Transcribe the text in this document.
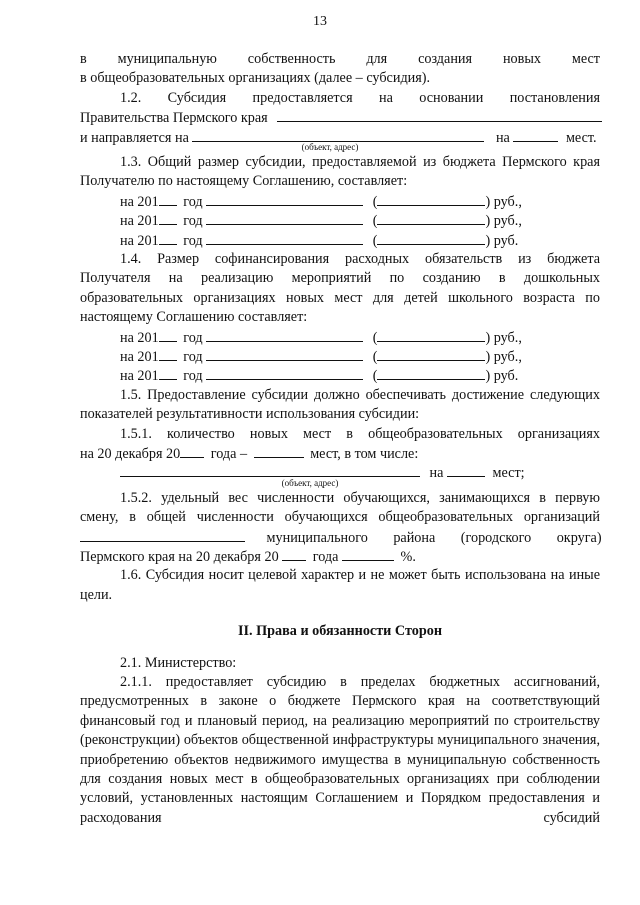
13
в муниципальную собственность для создания новых мест
в общеобразовательных организациях (далее – субсидия).
1.2. Субсидия предоставляется на основании постановления
Правительства Пермского края
и направляется на	на	мест.
(объект, адрес)
1.3. Общий размер субсидии, предоставляемой из бюджета Пермского края Получателю по настоящему Соглашению, составляет:
на 201 год	(	) руб.,
на 201 год	(	) руб.,
на 201 год	(	) руб.
1.4. Размер софинансирования расходных обязательств из бюджета Получателя на реализацию мероприятий по созданию в дошкольных образовательных организациях новых мест для детей школьного возраста по настоящему Соглашению составляет:
на 201 год	(	) руб.,
на 201 год	(	) руб.,
на 201 год	(	) руб.
1.5. Предоставление субсидии должно обеспечивать достижение следующих показателей результативности использования субсидии:
1.5.1. количество новых мест в общеобразовательных организациях
на 20 декабря 20 года –	мест, в том числе:
на	мест;
(объект, адрес)
1.5.2. удельный вес численности обучающихся, занимающихся в первую
смену, в общей численности обучающихся общеобразовательных организаций
муниципального района (городского округа)
Пермского края на 20 декабря 20 года	%.
1.6. Субсидия носит целевой характер и не может быть использована на иные цели.
II. Права и обязанности Сторон
2.1. Министерство:
2.1.1. предоставляет субсидию в пределах бюджетных ассигнований, предусмотренных в законе о бюджете Пермского края на соответствующий финансовый год и плановый период, на реализацию мероприятий по строительству (реконструкции) объектов общественной инфраструктуры муниципального значения, приобретению объектов недвижимого имущества в муниципальную собственность для создания новых мест в общеобразовательных организациях при соблюдении условий, установленных настоящим Соглашением и Порядком предоставления и расходования субсидий
